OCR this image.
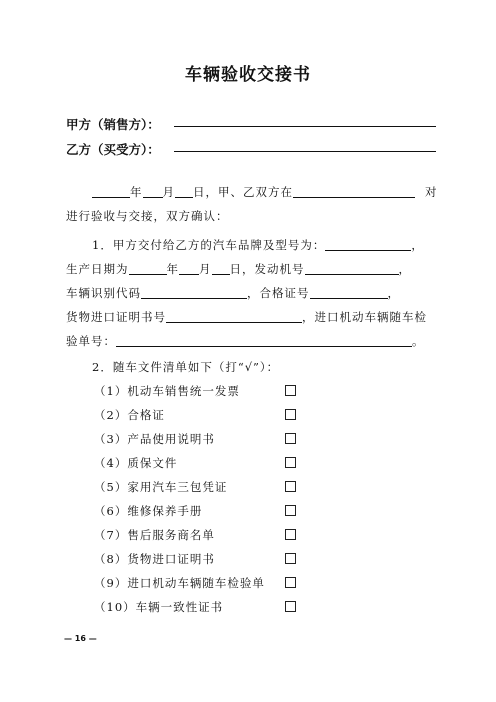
车辆验收交接书
甲方（销售方）：
乙方（买受方）：
年 月 日，甲、乙双方在	对
进行验收与交接，双方确认：
1．甲方交付给乙方的汽车品牌及型号为：	，
生产日期为	年 月 日，发动机号	，
车辆识别代码	，合格证号	，
货物进口证明书号	，进口机动车辆随车检
验单号：	。
2．随车文件清单如下（打“√”）：
（1）机动车销售统一发票
（2）合格证
（3）产品使用说明书
（4）质保文件
（5）家用汽车三包凭证
（6）维修保养手册
（7）售后服务商名单
（8）货物进口证明书
（9）进口机动车辆随车检验单
（10）车辆一致性证书
— 16 —
